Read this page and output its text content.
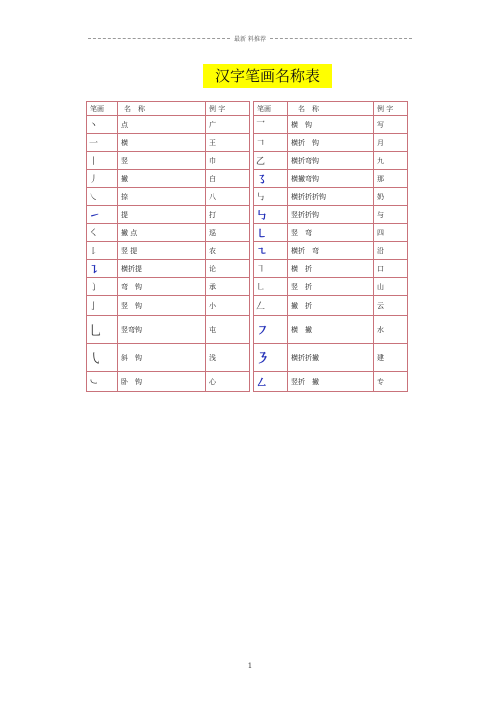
最新 料推荐
汉字笔画名称表
笔画	名　称	例 字		笔画	名　称	例 字
丶	点	广		乛	横　钩	写
一	横	王		𠃍	横折　钩	月
丨	竖	巾		乙	横折弯钩	九
丿	撇	白		㇌	横撇弯钩	那
㇏	捺	八		㇉	横折折折钩	奶
㇀	提	打		㇉	竖折折钩	与
㇛	撇 点	巡		㇄	竖　弯	四
㇙	竖 提	农		㇍	横折　弯	沿
㇊	横折提	论		㇕	横　折	口
㇁	弯　钩	承		㇗	竖　折	山
亅	竖　钩	小		𠃋	撇　折	云
乚	竖弯钩	屯		㇇	横　撇	水
㇂	斜　钩	浅		㇋	横折折撇	建
㇃	卧　钩	心		㇜	竖折　撇	专
1
